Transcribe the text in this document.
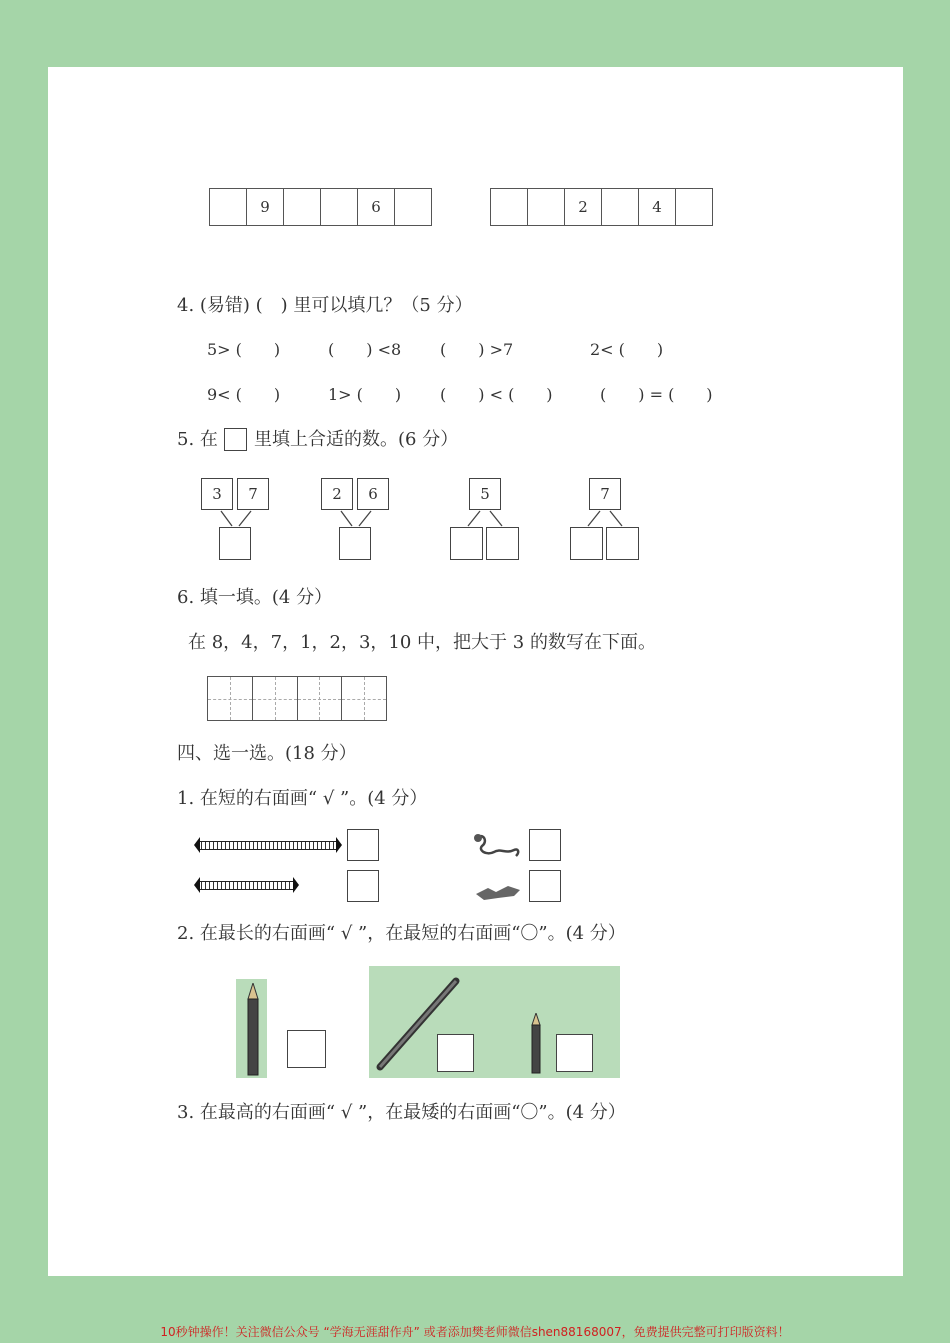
9	6	2	4
4. (易错) (　) 里可以填几？（5 分）
5> (　　)	(　　) <8 (　　) >7	2< (　　)
9< (　　)	1> (　　) (　　) < (　　)	(　　) = (　　)
5. 在 里填上合适的数。(6 分）
3	7	2	6	5	7
6. 填一填。(4 分）
在 8，4，7，1，2，3，10 中，把大于 3 的数写在下面。
四、选一选。(18 分）
1. 在短的右面画“ √ ”。(4 分）
2. 在最长的右面画“ √ ”，在最短的右面画“〇”。(4 分）
3. 在最高的右面画“ √ ”，在最矮的右面画“〇”。(4 分）
10秒钟操作！关注微信公众号 “学海无涯甜作舟” 或者添加樊老师微信shen88168007，免费提供完整可打印版资料！
